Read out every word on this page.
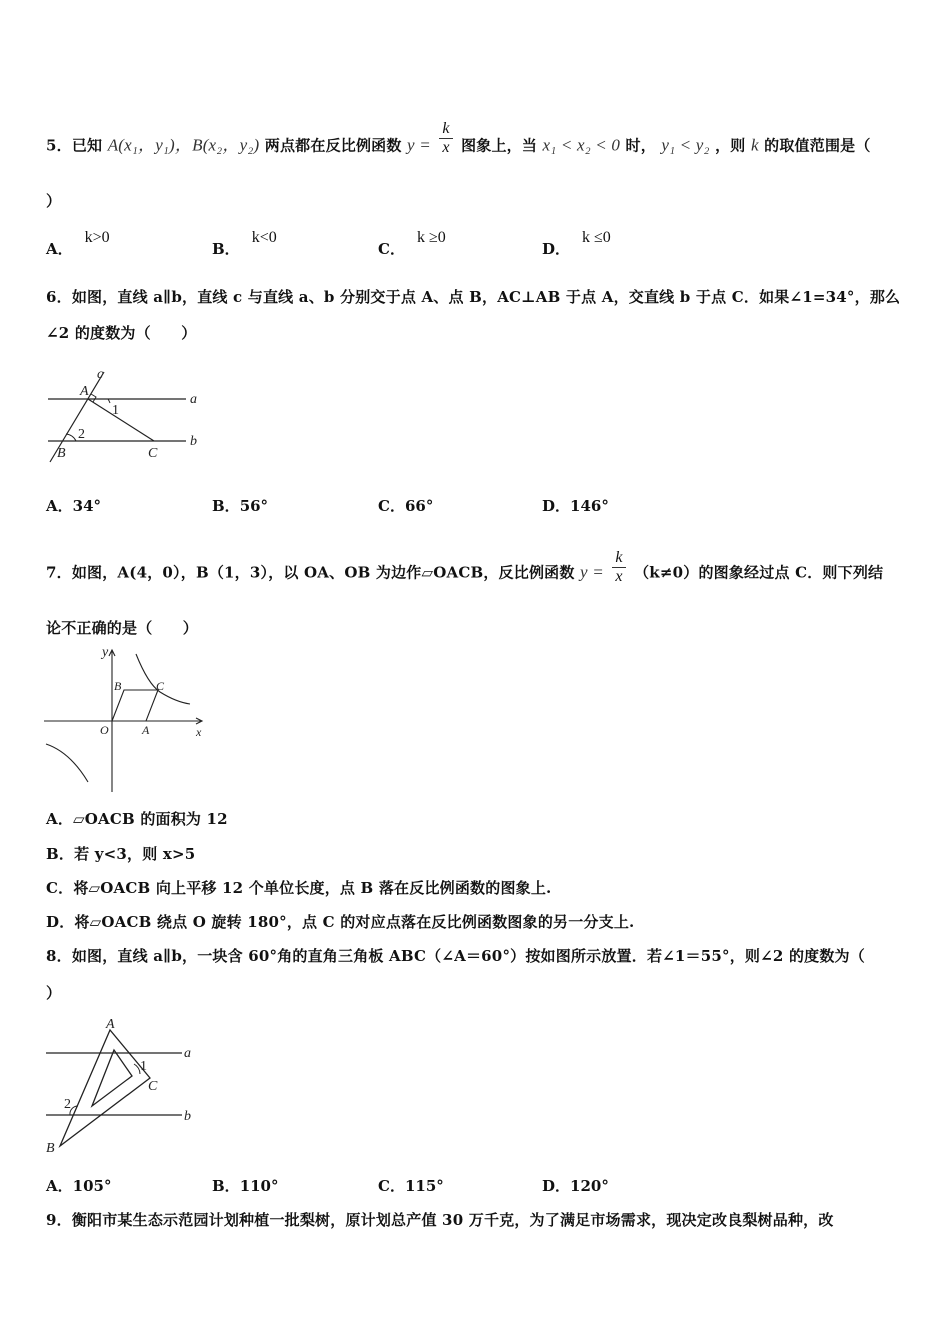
5．已知 A(x₁，y₁)，B(x₂，y₂) 两点都在反比例函数 $y = \frac{k}{x}$ 图象上，当 x₁ < x₂ < 0 时， y₁ < y₂ ，则 k 的取值范围是（
）
A．k>0
B．k<0
C．k ≥0
D．k ≤0
6．如图，直线 a∥b，直线 c 与直线 a、b 分别交于点 A、点 B，AC⊥AB 于点 A，交直线 b 于点 C．如果∠1=34°，那么
∠2 的度数为（　　）
c
A
1
a
2
B	C
b
A．34°	B．56°	C．66°	D．146°
7．如图，A(4，0），B（1，3），以 OA、OB 为边作▱OACB，反比例函数 $y = \frac{k}{x} (k\ne 0)$的图象经过点 C．则下列结
论不正确的是（　　）
y
B	C
O	A	x
A．▱OACB 的面积为 12
B．若 y<3，则 x>5
C．将▱OACB 向上平移 12 个单位长度，点 B 落在反比例函数的图象上.
D．将▱OACB 绕点 O 旋转 180°，点 C 的对应点落在反比例函数图象的另一分支上.
8．如图，直线 a∥b，一块含 60°角的直角三角板 ABC（∠A＝60°）按如图所示放置．若∠1＝55°，则∠2 的度数为（
）
A
a
1
C
2
b
B
A．105°	B．110°	C．115°	D．120°
9．衡阳市某生态示范园计划种植一批梨树，原计划总产值 30 万千克，为了满足市场需求，现决定改良梨树品种，改
